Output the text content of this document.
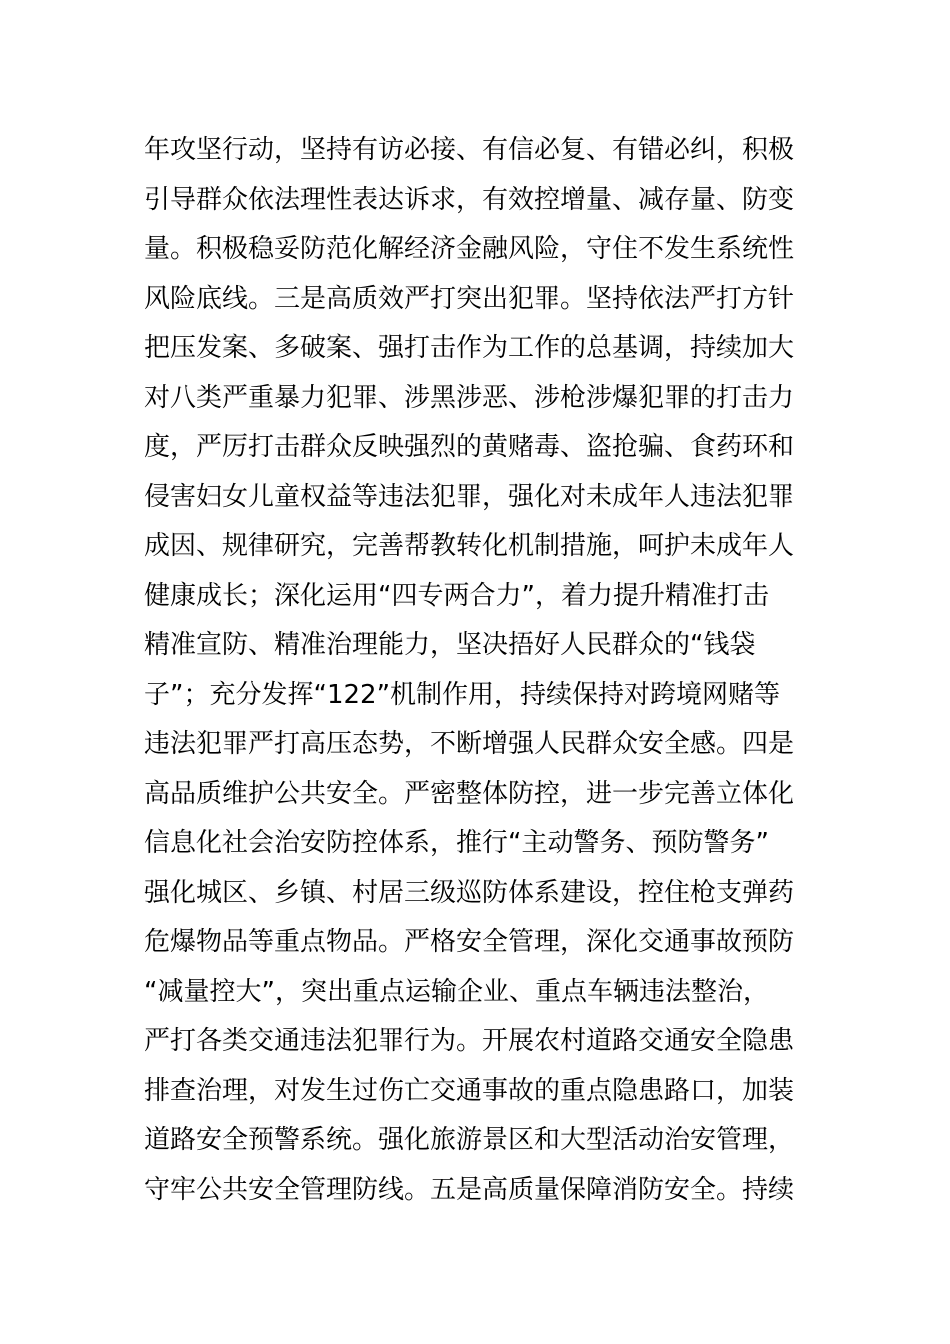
年攻坚行动，坚持有访必接、有信必复、有错必纠，积极
引导群众依法理性表达诉求，有效控增量、减存量、防变
量。积极稳妥防范化解经济金融风险，守住不发生系统性
风险底线。三是高质效严打突出犯罪。坚持依法严打方针
把压发案、多破案、强打击作为工作的总基调，持续加大
对八类严重暴力犯罪、涉黑涉恶、涉枪涉爆犯罪的打击力
度，严厉打击群众反映强烈的黄赌毒、盗抢骗、食药环和
侵害妇女儿童权益等违法犯罪，强化对未成年人违法犯罪
成因、规律研究，完善帮教转化机制措施，呵护未成年人
健康成长；深化运用“四专两合力”，着力提升精准打击
精准宣防、精准治理能力，坚决捂好人民群众的“钱袋
子”；充分发挥“122”机制作用，持续保持对跨境网赌等
违法犯罪严打高压态势，不断增强人民群众安全感。四是
高品质维护公共安全。严密整体防控，进一步完善立体化
信息化社会治安防控体系，推行“主动警务、预防警务”
强化城区、乡镇、村居三级巡防体系建设，控住枪支弹药
危爆物品等重点物品。严格安全管理，深化交通事故预防
“减量控大”，突出重点运输企业、重点车辆违法整治，
严打各类交通违法犯罪行为。开展农村道路交通安全隐患
排查治理，对发生过伤亡交通事故的重点隐患路口，加装
道路安全预警系统。强化旅游景区和大型活动治安管理，
守牢公共安全管理防线。五是高质量保障消防安全。持续
